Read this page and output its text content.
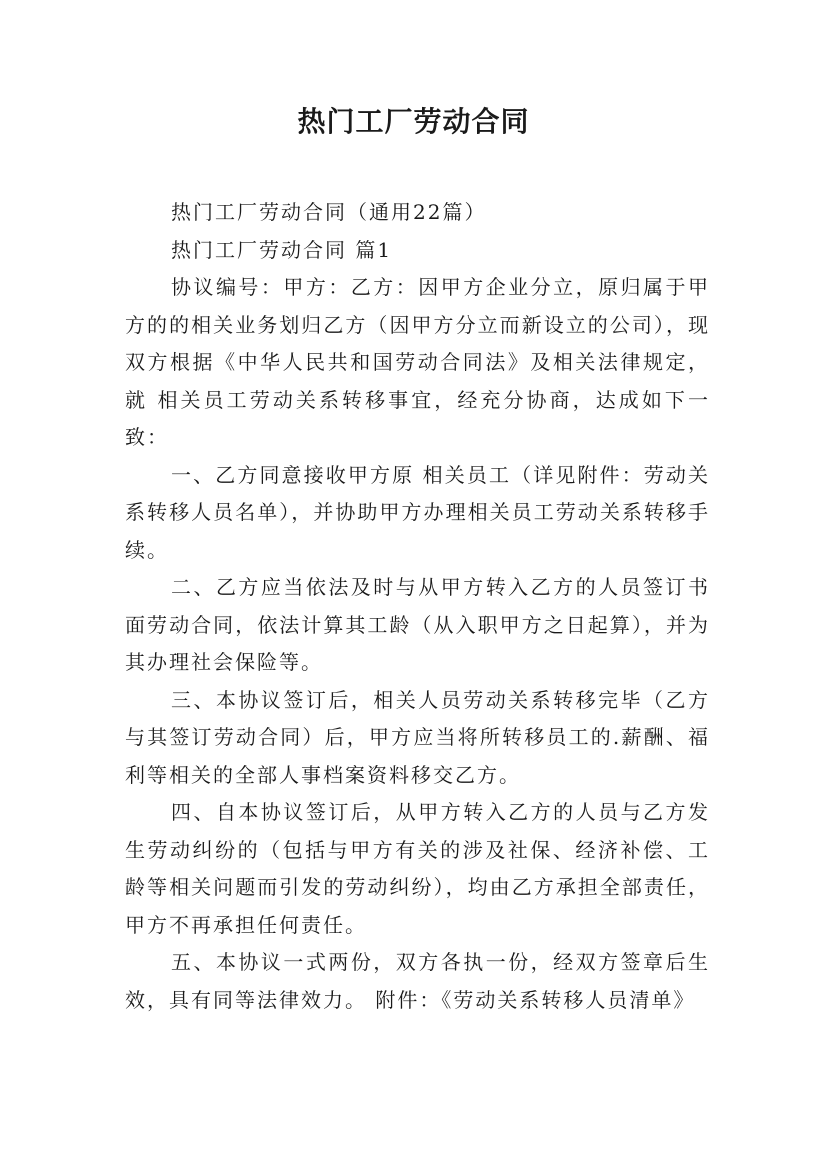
热门工厂劳动合同

热门工厂劳动合同（通用22篇）

热门工厂劳动合同 篇1

协议编号：甲方：乙方：因甲方企业分立，原归属于甲方的的相关业务划归乙方（因甲方分立而新设立的公司），现双方根据《中华人民共和国劳动合同法》及相关法律规定，就 相关员工劳动关系转移事宜，经充分协商，达成如下一致：

一、乙方同意接收甲方原 相关员工（详见附件：劳动关系转移人员名单），并协助甲方办理相关员工劳动关系转移手续。

二、乙方应当依法及时与从甲方转入乙方的人员签订书面劳动合同，依法计算其工龄（从入职甲方之日起算），并为其办理社会保险等。

三、本协议签订后，相关人员劳动关系转移完毕（乙方与其签订劳动合同）后，甲方应当将所转移员工的.薪酬、福利等相关的全部人事档案资料移交乙方。

四、自本协议签订后，从甲方转入乙方的人员与乙方发生劳动纠纷的（包括与甲方有关的涉及社保、经济补偿、工龄等相关问题而引发的劳动纠纷），均由乙方承担全部责任，甲方不再承担任何责任。

五、本协议一式两份，双方各执一份，经双方签章后生效，具有同等法律效力。 附件：《劳动关系转移人员清单》
